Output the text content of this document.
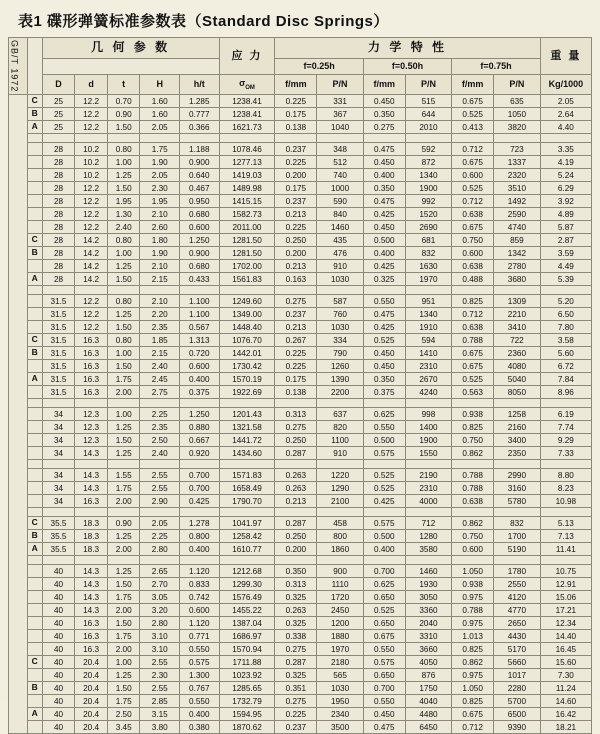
表1 碟形弹簧标准参数表（Standard Disc Springs）
GB/T 1972		几 何 参 数					应 力	力 学 特 性						重 量
								f=0.25h		f=0.50h		f=0.75h		
		D	d	t	H	h/t	$\sigma_{OM}$	f/mm	P/N	f/mm	P/N	f/mm	P/N	Kg/1000
	C	25	12.2	0.70	1.60	1.285	1238.41	0.225	331	0.450	515	0.675	635	2.05
	B	25	12.2	0.90	1.60	0.777	1238.41	0.175	367	0.350	644	0.525	1050	2.64
	A	25	12.2	1.50	2.05	0.366	1621.73	0.138	1040	0.275	2010	0.413	3820	4.40

		28	10.2	0.80	1.75	1.188	1078.46	0.237	348	0.475	592	0.712	723	3.35
		28	10.2	1.00	1.90	0.900	1277.13	0.225	512	0.450	872	0.675	1337	4.19
		28	10.2	1.25	2.05	0.640	1419.03	0.200	740	0.400	1340	0.600	2320	5.24
		28	12.2	1.50	2.30	0.467	1489.98	0.175	1000	0.350	1900	0.525	3510	6.29
		28	12.2	1.95	1.95	0.950	1415.15	0.237	590	0.475	992	0.712	1492	3.92
		28	12.2	1.30	2.10	0.680	1582.73	0.213	840	0.425	1520	0.638	2590	4.89
		28	12.2	2.40	2.60	0.600	2011.00	0.225	1460	0.450	2690	0.675	4740	5.87
	C	28	14.2	0.80	1.80	1.250	1281.50	0.250	435	0.500	681	0.750	859	2.87
	B	28	14.2	1.00	1.90	0.900	1281.50	0.200	476	0.400	832	0.600	1342	3.59
		28	14.2	1.25	2.10	0.680	1702.00	0.213	910	0.425	1630	0.638	2780	4.49
	A	28	14.2	1.50	2.15	0.433	1561.83	0.163	1030	0.325	1970	0.488	3680	5.39

		31.5	12.2	0.80	2.10	1.100	1249.60	0.275	587	0.550	951	0.825	1309	5.20
		31.5	12.2	1.25	2.20	1.100	1349.00	0.237	760	0.475	1340	0.712	2210	6.50
		31.5	12.2	1.50	2.35	0.567	1448.40	0.213	1030	0.425	1910	0.638	3410	7.80
	C	31.5	16.3	0.80	1.85	1.313	1076.70	0.267	334	0.525	594	0.788	722	3.58
	B	31.5	16.3	1.00	2.15	0.720	1442.01	0.225	790	0.450	1410	0.675	2360	5.60
		31.5	16.3	1.50	2.40	0.600	1730.42	0.225	1260	0.450	2310	0.675	4080	6.72
	A	31.5	16.3	1.75	2.45	0.400	1570.19	0.175	1390	0.350	2670	0.525	5040	7.84
		31.5	16.3	2.00	2.75	0.375	1922.69	0.138	2200	0.375	4240	0.563	8050	8.96

		34	12.3	1.00	2.25	1.250	1201.43	0.313	637	0.625	998	0.938	1258	6.19
		34	12.3	1.25	2.35	0.880	1321.58	0.275	820	0.550	1400	0.825	2160	7.74
		34	12.3	1.50	2.50	0.667	1441.72	0.250	1100	0.500	1900	0.750	3400	9.29
		34	14.3	1.25	2.40	0.920	1434.60	0.287	910	0.575	1550	0.862	2350	7.33

		34	14.3	1.55	2.55	0.700	1571.83	0.263	1220	0.525	2190	0.788	2990	8.80
		34	14.3	1.75	2.55	0.700	1658.49	0.263	1290	0.525	2310	0.788	3160	8.23
		34	16.3	2.00	2.90	0.425	1790.70	0.213	2100	0.425	4000	0.638	5780	10.98

	C	35.5	18.3	0.90	2.05	1.278	1041.97	0.287	458	0.575	712	0.862	832	5.13
	B	35.5	18.3	1.25	2.25	0.800	1258.42	0.250	800	0.500	1280	0.750	1700	7.13
	A	35.5	18.3	2.00	2.80	0.400	1610.77	0.200	1860	0.400	3580	0.600	5190	11.41

		40	14.3	1.25	2.65	1.120	1212.68	0.350	900	0.700	1460	1.050	1780	10.75
		40	14.3	1.50	2.70	0.833	1299.30	0.313	1110	0.625	1930	0.938	2550	12.91
		40	14.3	1.75	3.05	0.742	1576.49	0.325	1720	0.650	3050	0.975	4120	15.06
		40	14.3	2.00	3.20	0.600	1455.22	0.263	2450	0.525	3360	0.788	4770	17.21
		40	16.3	1.50	2.80	1.120	1387.04	0.325	1200	0.650	2040	0.975	2650	12.34
		40	16.3	1.75	3.10	0.771	1686.97	0.338	1880	0.675	3310	1.013	4430	14.40
		40	16.3	2.00	3.10	0.550	1570.94	0.275	1970	0.550	3660	0.825	5170	16.45
	C	40	20.4	1.00	2.55	0.575	1711.88	0.287	2180	0.575	4050	0.862	5660	15.60
		40	20.4	1.25	2.30	1.300	1023.92	0.325	565	0.650	876	0.975	1017	7.30
	B	40	20.4	1.50	2.55	0.767	1285.65	0.351	1030	0.700	1750	1.050	2280	11.24
		40	20.4	1.75	2.85	0.550	1732.79	0.275	1950	0.550	4040	0.825	5700	14.60
	A	40	20.4	2.50	3.15	0.400	1594.95	0.225	2340	0.450	4480	0.675	6500	16.42
		40	20.4	3.45	3.80	0.380	1870.62	0.237	3500	0.475	6450	0.712	9390	18.21
